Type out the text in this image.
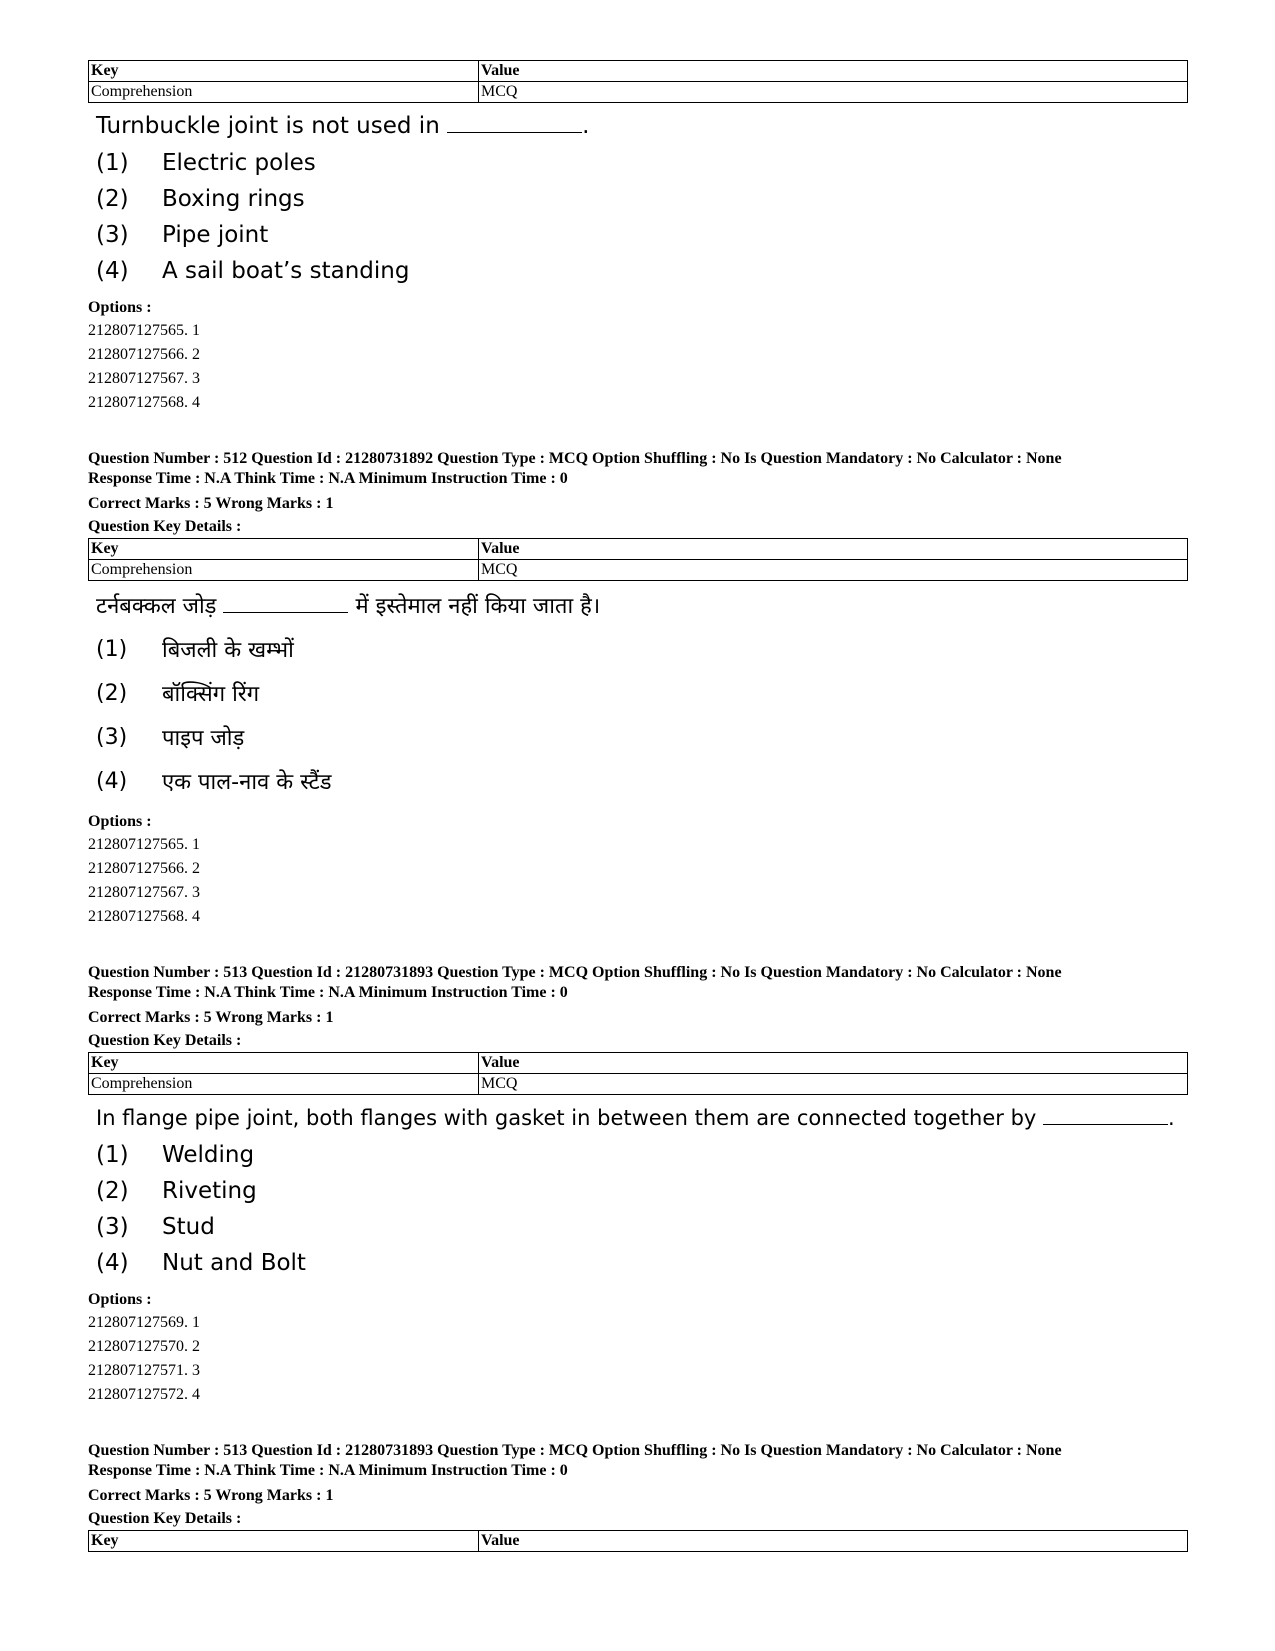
Key	Value
Comprehension	MCQ
Turnbuckle joint is not used in	.
(1)	Electric poles
(2)	Boxing rings
(3)	Pipe joint
(4)	A sail boat’s standing
Options :
212807127565. 1
212807127566. 2
212807127567. 3
212807127568. 4
Question Number : 512 Question Id : 21280731892 Question Type : MCQ Option Shuffling : No Is Question Mandatory : No Calculator : None
Response Time : N.A Think Time : N.A Minimum Instruction Time : 0
Correct Marks : 5 Wrong Marks : 1
Question Key Details :
Key	Value
Comprehension	MCQ
टर्नबक्कल जोड़	में इस्तेमाल नहीं किया जाता है।
(1)	बिजली के खम्भों
(2)	बॉक्सिंग रिंग
(3)	पाइप जोड़
(4)	एक पाल-नाव के स्टैंड
Options :
212807127565. 1
212807127566. 2
212807127567. 3
212807127568. 4
Question Number : 513 Question Id : 21280731893 Question Type : MCQ Option Shuffling : No Is Question Mandatory : No Calculator : None
Response Time : N.A Think Time : N.A Minimum Instruction Time : 0
Correct Marks : 5 Wrong Marks : 1
Question Key Details :
Key	Value
Comprehension	MCQ
In flange pipe joint, both flanges with gasket in between them are connected together by	.
(1)	Welding
(2)	Riveting
(3)	Stud
(4)	Nut and Bolt
Options :
212807127569. 1
212807127570. 2
212807127571. 3
212807127572. 4
Question Number : 513 Question Id : 21280731893 Question Type : MCQ Option Shuffling : No Is Question Mandatory : No Calculator : None
Response Time : N.A Think Time : N.A Minimum Instruction Time : 0
Correct Marks : 5 Wrong Marks : 1
Question Key Details :
Key	Value
